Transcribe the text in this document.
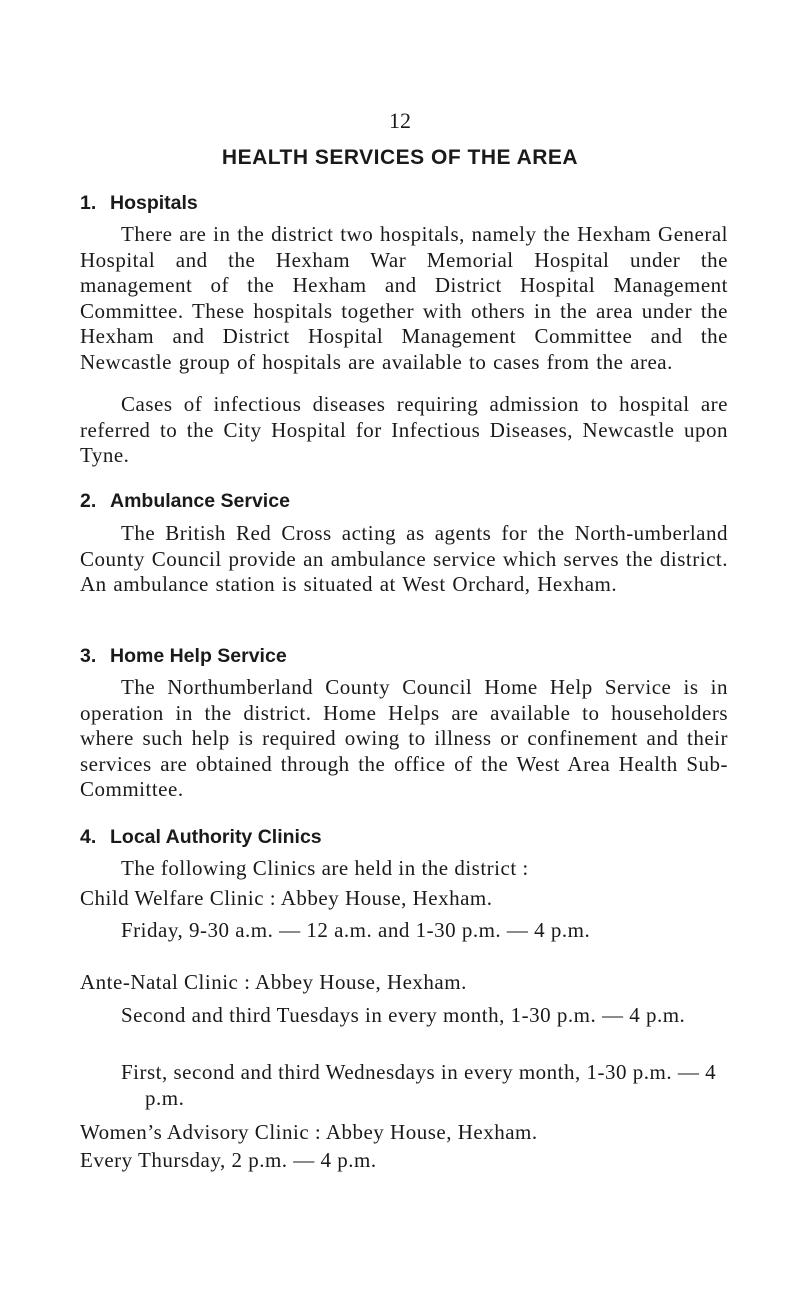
12
HEALTH SERVICES OF THE AREA
1. Hospitals

There are in the district two hospitals, namely the Hexham General Hospital and the Hexham War Memorial Hospital under the management of the Hexham and District Hospital Management Committee. These hospitals together with others in the area under the Hexham and District Hospital Management Committee and the Newcastle group of hospitals are available to cases from the area.

Cases of infectious diseases requiring admission to hospital are referred to the City Hospital for Infectious Diseases, Newcastle upon Tyne.

2. Ambulance Service

The British Red Cross acting as agents for the North-umberland County Council provide an ambulance service which serves the district. An ambulance station is situated at West Orchard, Hexham.

3. Home Help Service

The Northumberland County Council Home Help Service is in operation in the district. Home Helps are available to householders where such help is required owing to illness or confinement and their services are obtained through the office of the West Area Health Sub-Committee.

4. Local Authority Clinics
The following Clinics are held in the district :
Child Welfare Clinic : Abbey House, Hexham.
Friday, 9-30 a.m. — 12 a.m. and 1-30 p.m. — 4 p.m.
Ante-Natal Clinic : Abbey House, Hexham.
Second and third Tuesdays in every month, 1-30 p.m. — 4 p.m.
First, second and third Wednesdays in every month, 1-30 p.m. — 4 p.m.
Women’s Advisory Clinic : Abbey House, Hexham.
Every Thursday, 2 p.m. — 4 p.m.
